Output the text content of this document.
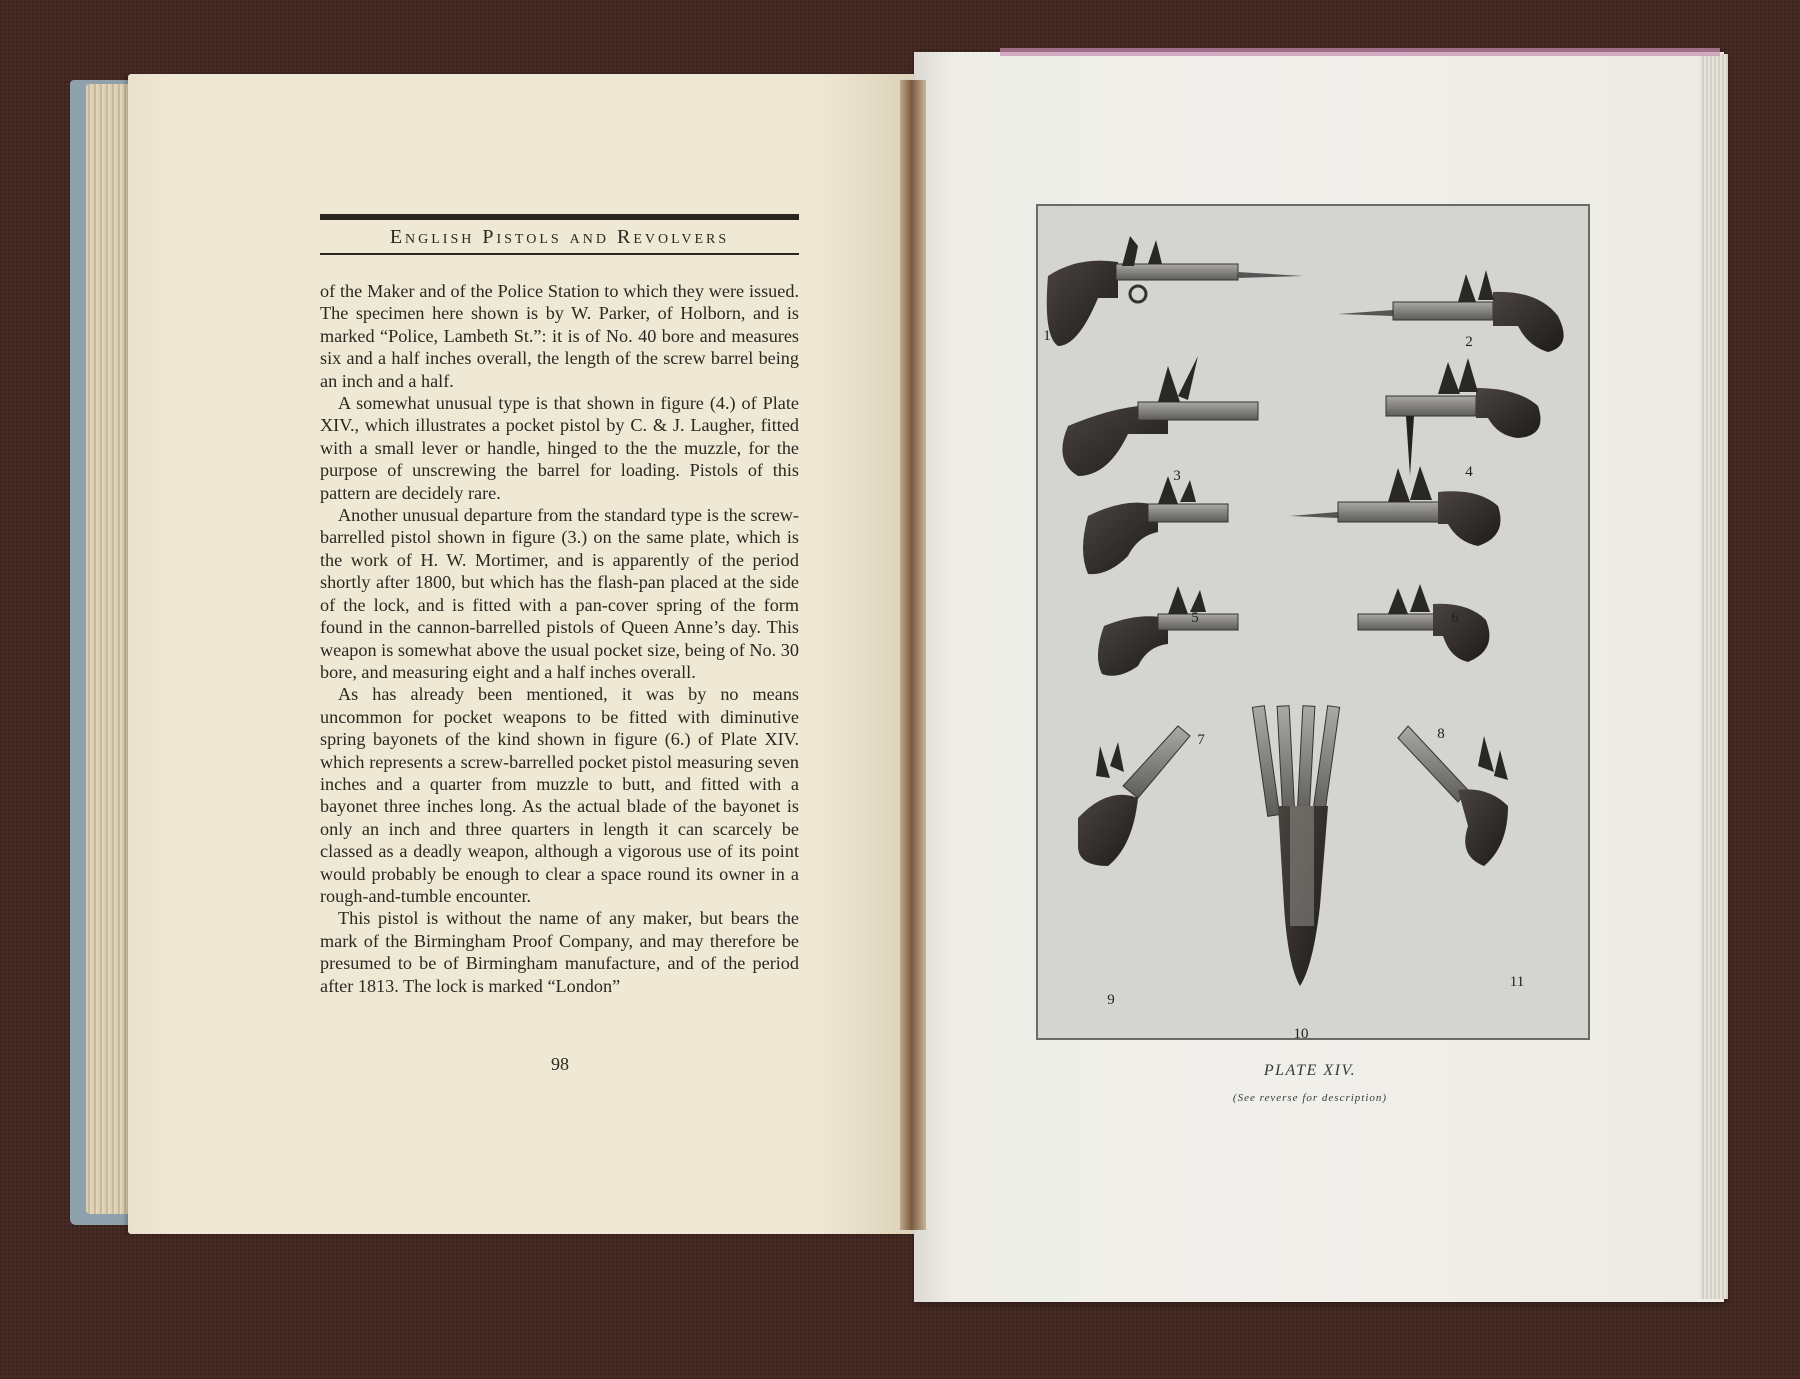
English Pistols and Revolvers

of the Maker and of the Police Station to which they were issued. The specimen here shown is by W. Parker, of Holborn, and is marked “Police, Lambeth St.”: it is of No. 40 bore and measures six and a half inches overall, the length of the screw barrel being an inch and a half.

A somewhat unusual type is that shown in figure (4.) of Plate XIV., which illustrates a pocket pistol by C. & J. Laugher, fitted with a small lever or handle, hinged to the the muzzle, for the purpose of unscrewing the barrel for loading. Pistols of this pattern are decidely rare.

Another unusual departure from the standard type is the screw-barrelled pistol shown in figure (3.) on the same plate, which is the work of H. W. Mortimer, and is apparently of the period shortly after 1800, but which has the flash-pan placed at the side of the lock, and is fitted with a pan-cover spring of the form found in the cannon-barrelled pistols of Queen Anne’s day. This weapon is somewhat above the usual pocket size, being of No. 30 bore, and measuring eight and a half inches overall.

As has already been mentioned, it was by no means uncommon for pocket weapons to be fitted with diminutive spring bayonets of the kind shown in figure (6.) of Plate XIV. which represents a screw-barrelled pocket pistol measuring seven inches and a quarter from muzzle to butt, and fitted with a bayonet three inches long. As the actual blade of the bayonet is only an inch and three quarters in length it can scarcely be classed as a deadly weapon, although a vigorous use of its point would probably be enough to clear a space round its owner in a rough-and-tumble encounter.

This pistol is without the name of any maker, but bears the mark of the Birmingham Proof Company, and may therefore be presumed to be of Birmingham manufacture, and of the period after 1813. The lock is marked “London”

98
1	2
3	4
5	6
7	8
9
10
11
PLATE XIV.
(See reverse for description)
